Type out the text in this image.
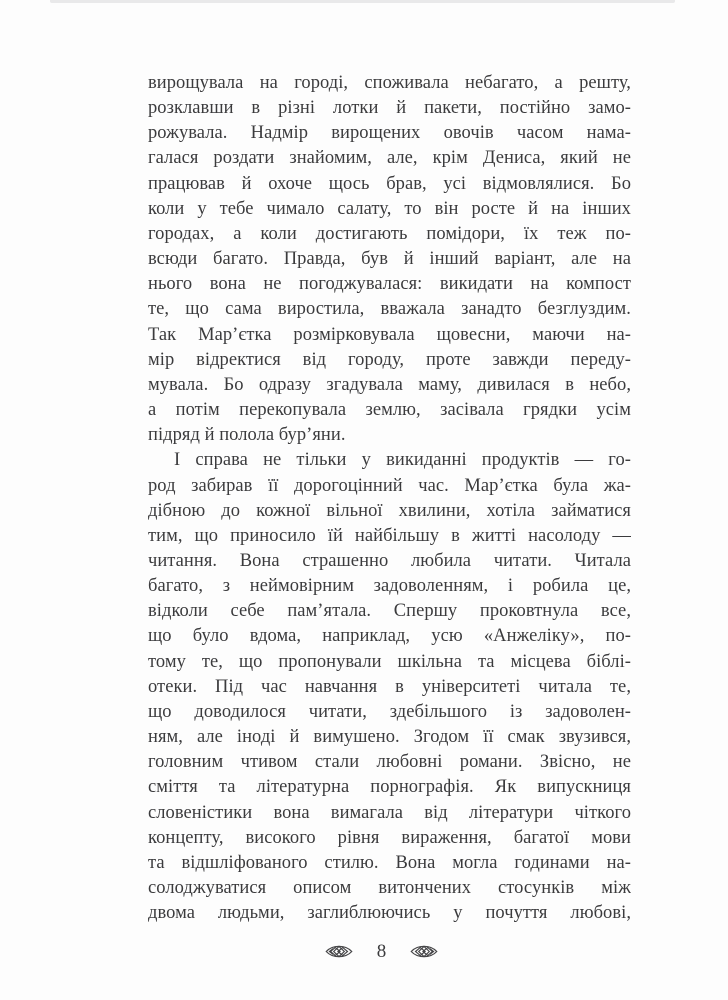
вирощувала на городі, споживала небагато, а решту,
розклавши в різні лотки й пакети, постійно замо-
рожувала. Надмір вирощених овочів часом нама-
галася роздати знайомим, але, крім Дениса, який не
працював й охоче щось брав, усі відмовлялися. Бо
коли у тебе чимало салату, то він росте й на інших
городах, а коли достигають помідори, їх теж по-
всюди багато. Правда, був й інший варіант, але на
нього вона не погоджувалася: викидати на компост
те, що сама виростила, вважала занадто безглуздим.
Так Мар’єтка розмірковувала щовесни, маючи на-
мір відректися від городу, проте завжди переду-
мувала. Бо одразу згадувала маму, дивилася в небо,
а потім перекопувала землю, засівала грядки усім
підряд й полола бур’яни.
І справа не тільки у викиданні продуктів — го-
род забирав її дорогоцінний час. Мар’єтка була жа-
дібною до кожної вільної хвилини, хотіла займатися
тим, що приносило їй найбільшу в житті насолоду —
читання. Вона страшенно любила читати. Читала
багато, з неймовірним задоволенням, і робила це,
відколи себе пам’ятала. Спершу проковтнула все,
що було вдома, наприклад, усю «Анжеліку», по-
тому те, що пропонували шкільна та місцева біблі-
отеки. Під час навчання в університеті читала те,
що доводилося читати, здебільшого із задоволен-
ням, але іноді й вимушено. Згодом її смак звузився,
головним чтивом стали любовні романи. Звісно, не
сміття та літературна порнографія. Як випускниця
словеністики вона вимагала від літератури чіткого
концепту, високого рівня вираження, багатої мови
та відшліфованого стилю. Вона могла годинами на-
солоджуватися описом витончених стосунків між
двома людьми, заглиблюючись у почуття любові,
8
